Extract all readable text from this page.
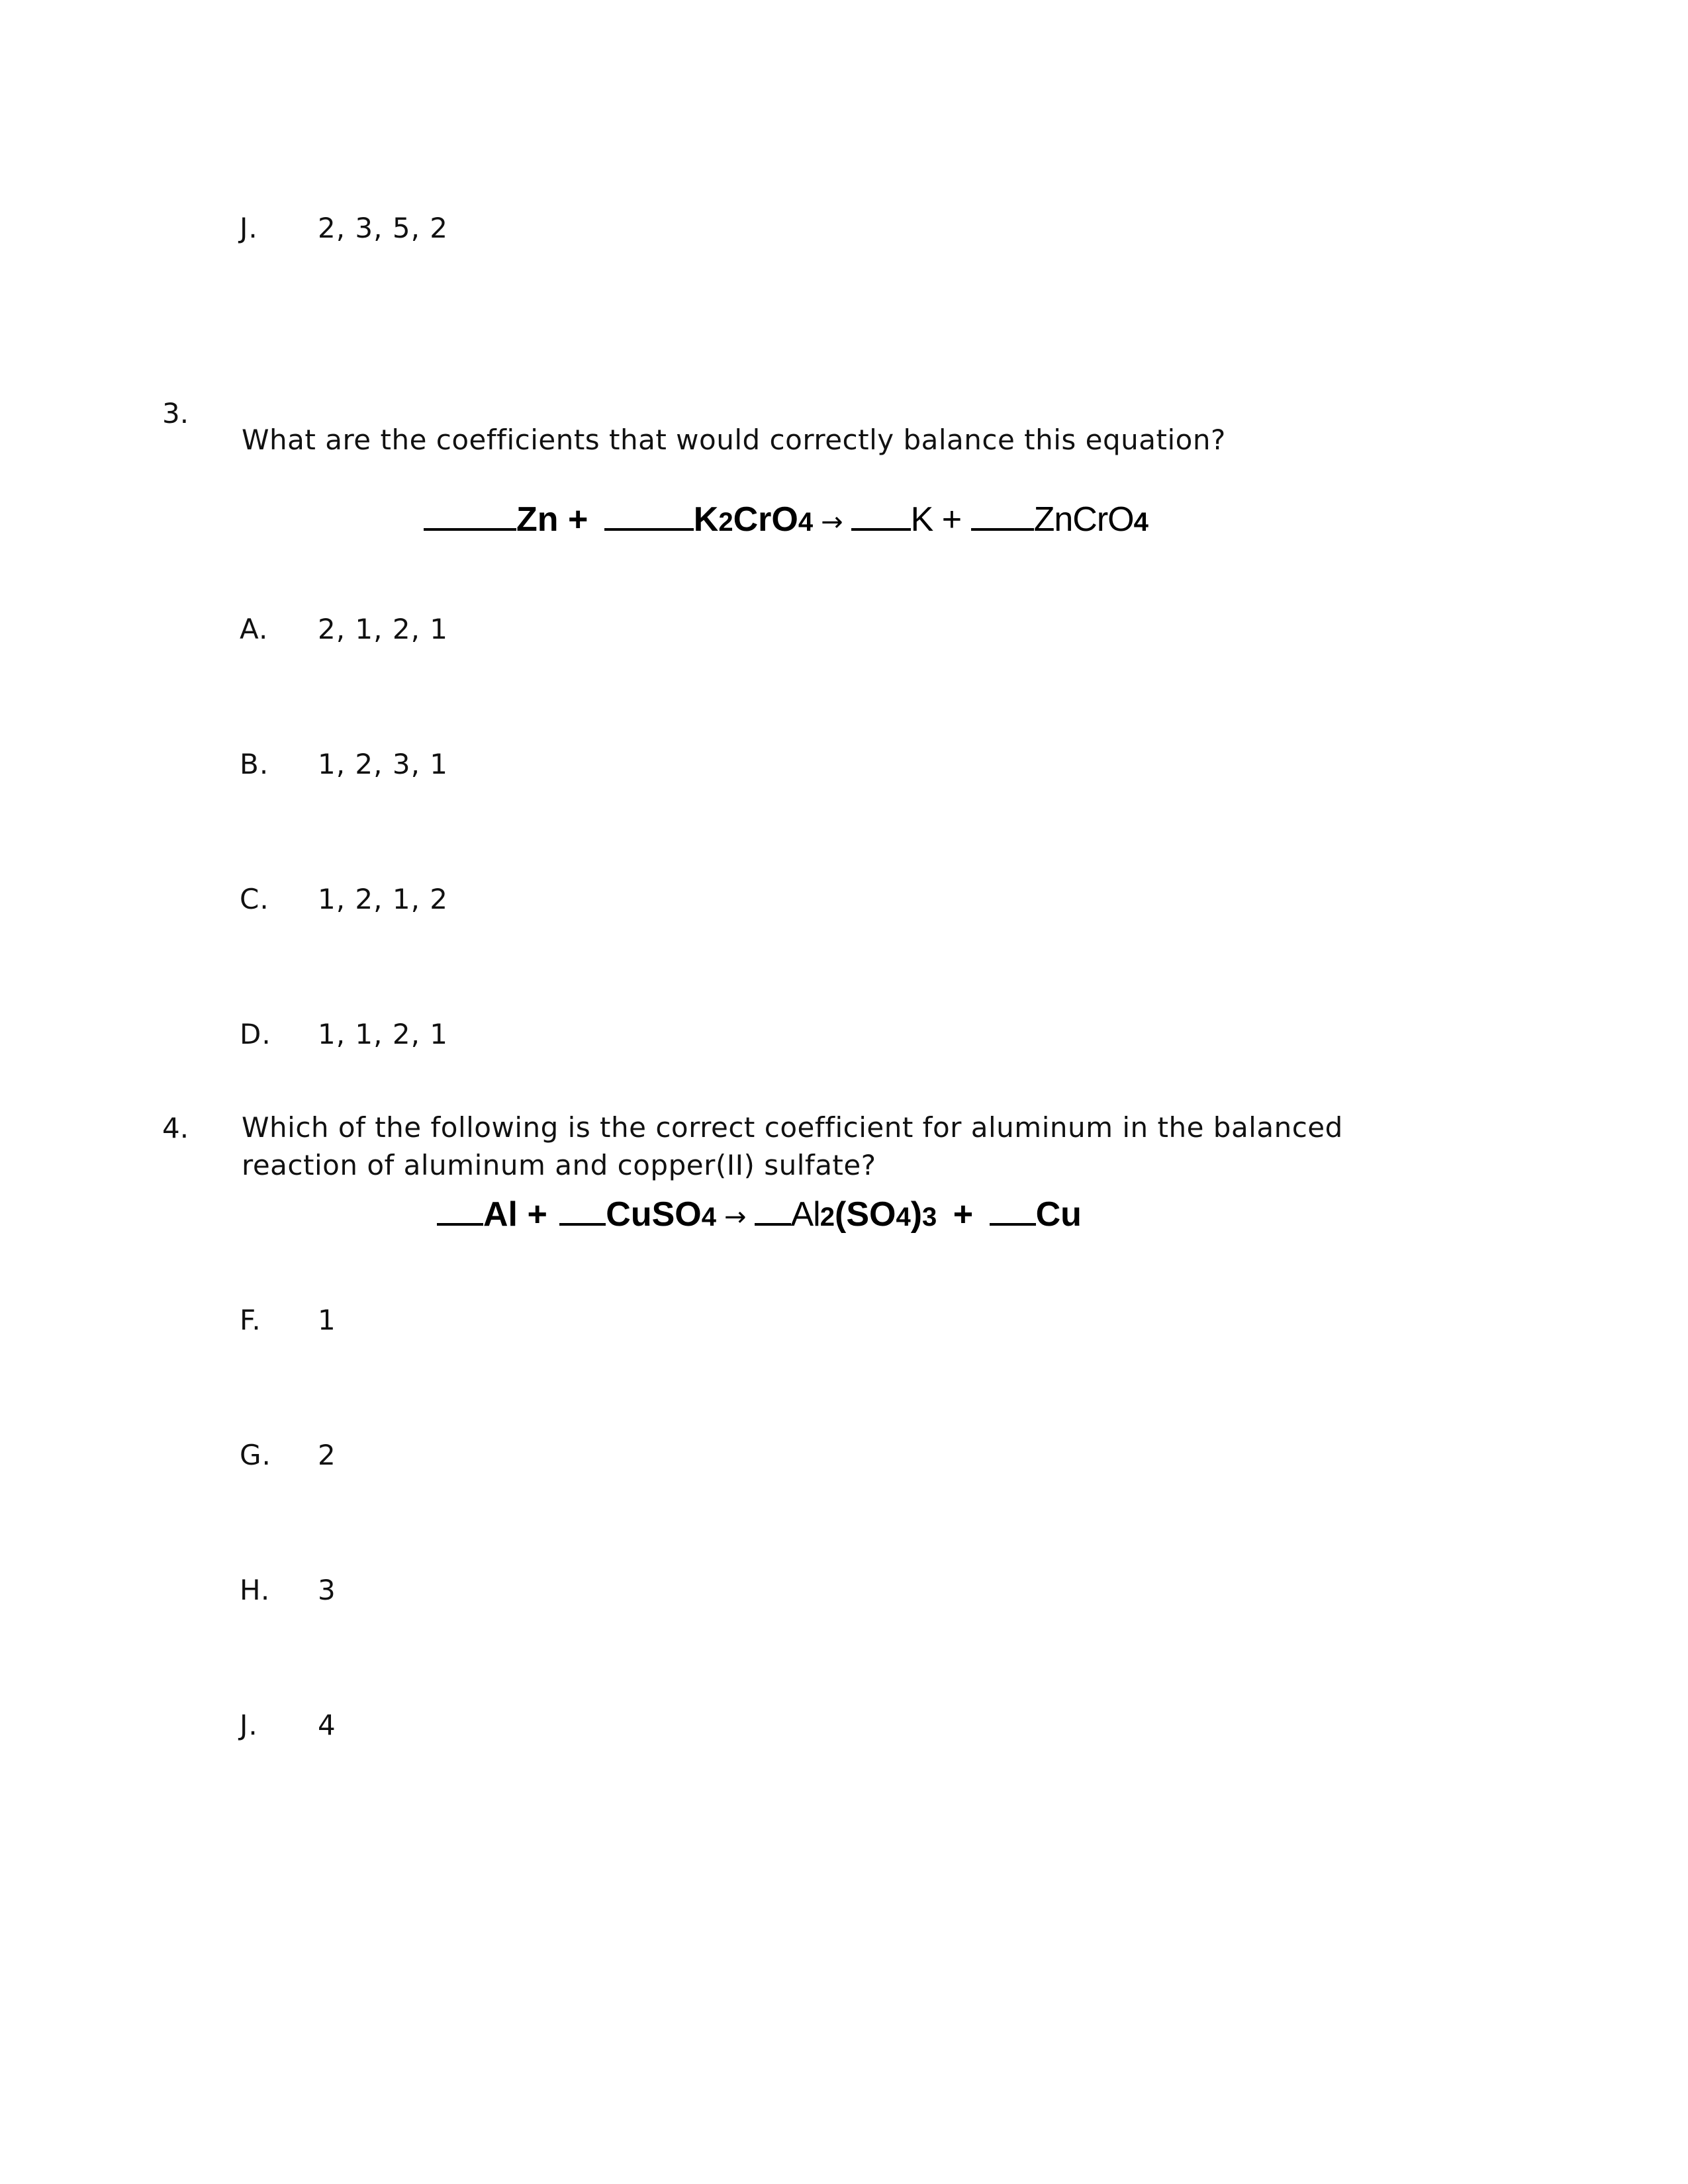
J. 2, 3, 5, 2
3.
What are the coefficients that would correctly balance this equation?
Zn +	K2CrO4 → K + ZnCrO4
A. 2, 1, 2, 1
B. 1, 2, 3, 1
C. 1, 2, 1, 2
D. 1, 1, 2, 1
4. Which of the following is the correct coefficient for aluminum in the balanced
reaction of aluminum and copper(II) sulfate?
Al + CuSO4 → Al2(SO4)3 + Cu
F. 1
G. 2
H. 3
J. 4
